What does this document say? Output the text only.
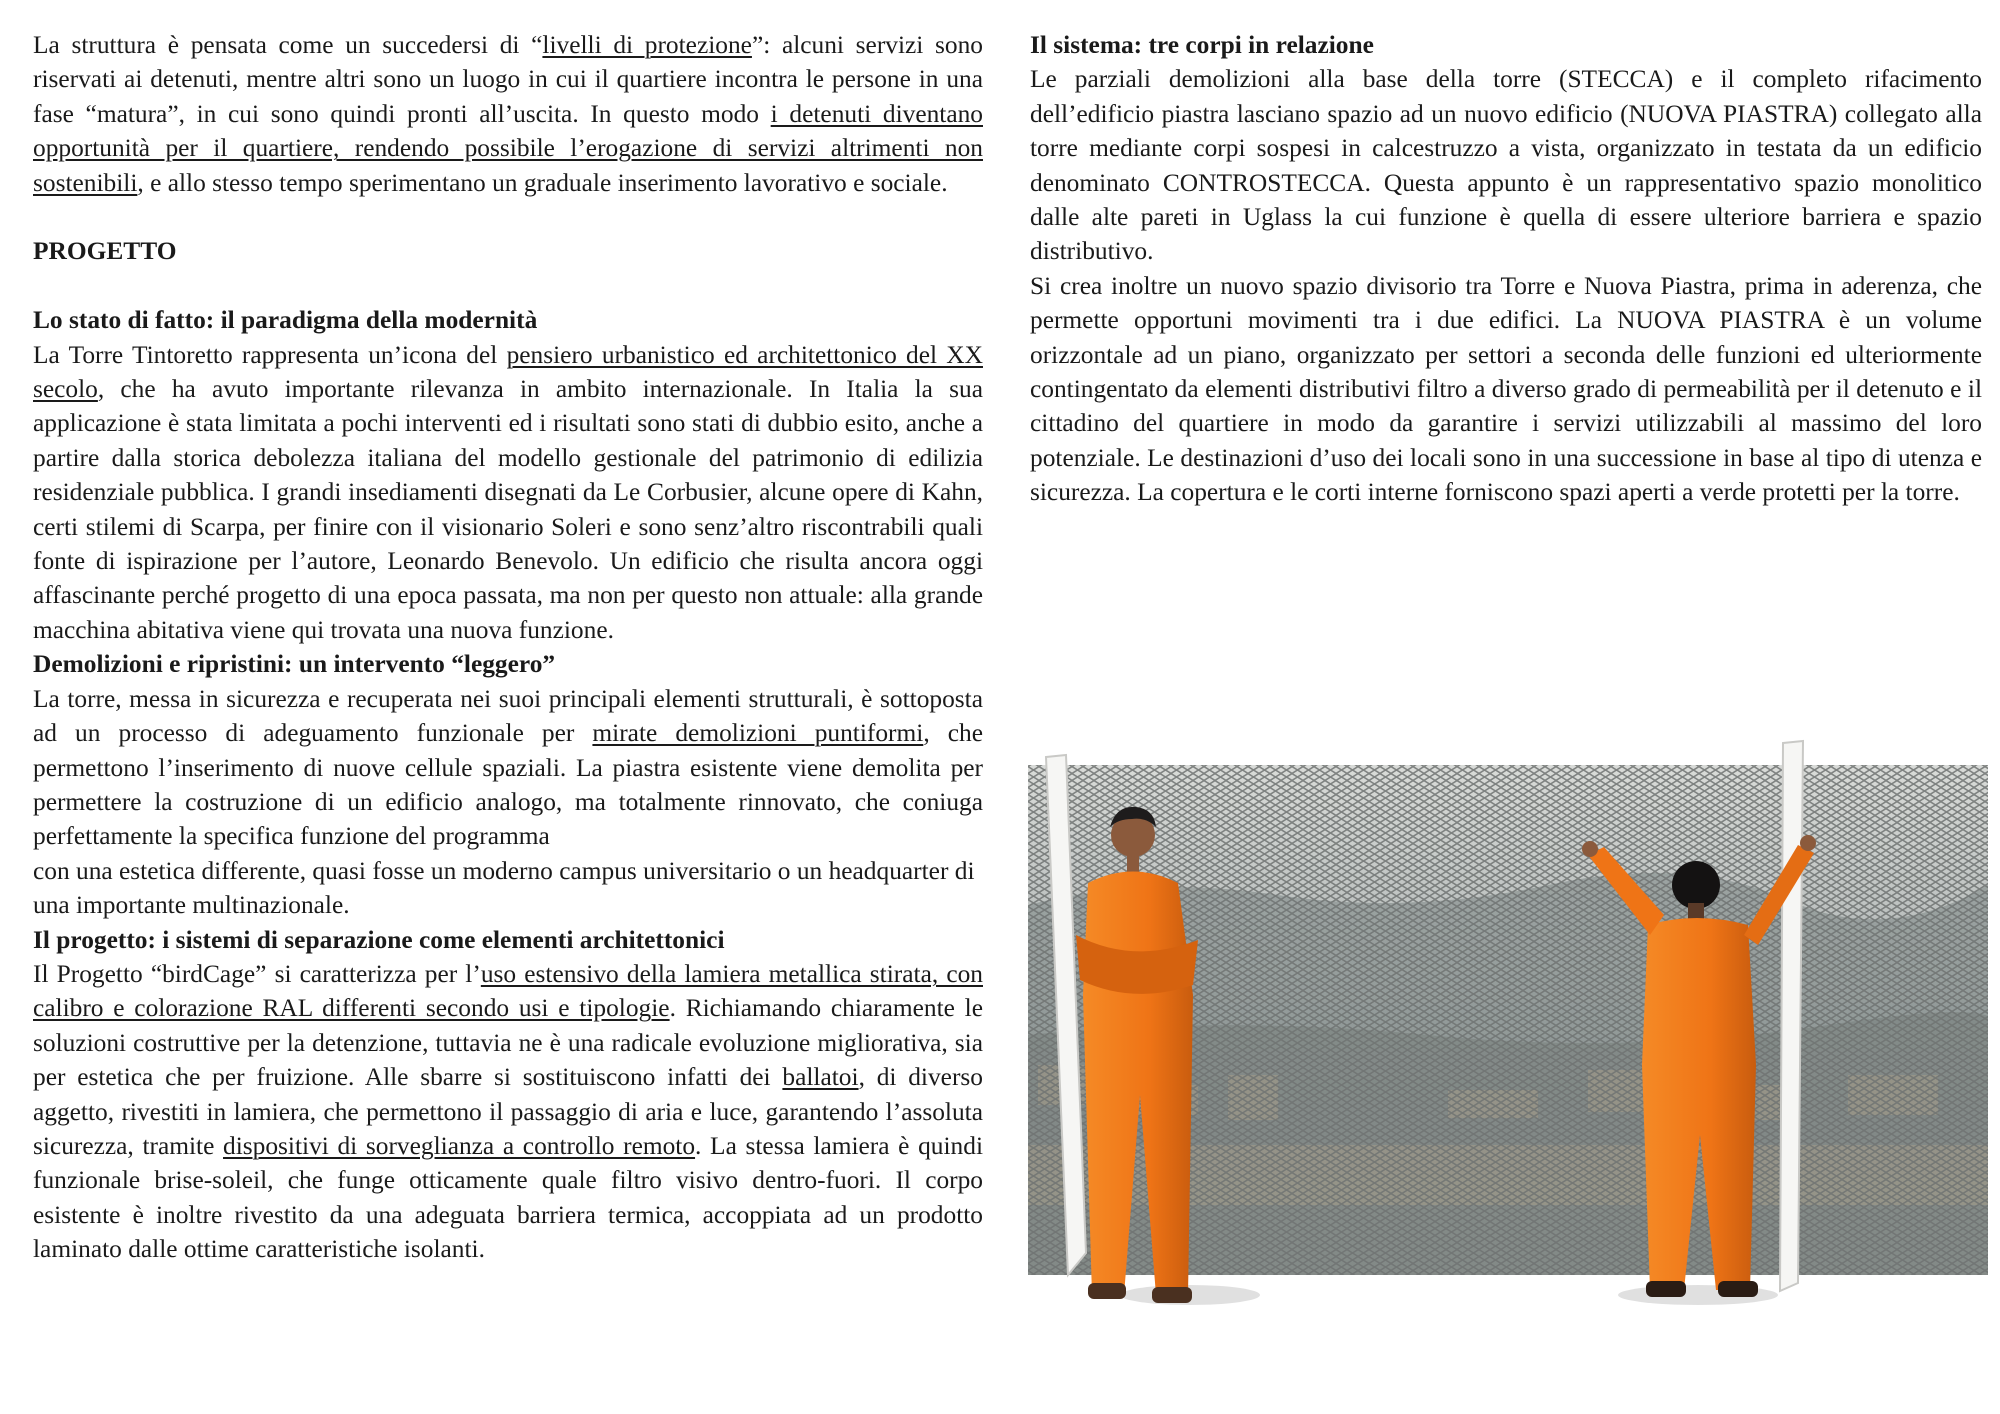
La struttura è pensata come un succedersi di “livelli di protezione”: alcuni servizi sono riservati ai detenuti, mentre altri sono un luogo in cui il quartiere incontra le persone in una fase “matura”, in cui sono quindi pronti all’uscita. In questo modo i detenuti diventano opportunità per il quartiere, rendendo possibile l’erogazione di servizi altrimenti non sostenibili, e allo stesso tempo sperimentano un graduale inserimento lavorativo e sociale.

PROGETTO

Lo stato di fatto: il paradigma della modernità

La Torre Tintoretto rappresenta un’icona del pensiero urbanistico ed architettonico del XX secolo, che ha avuto importante rilevanza in ambito internazionale. In Italia la sua applicazione è stata limitata a pochi interventi ed i risultati sono stati di dubbio esito, anche a partire dalla storica debolezza italiana del modello gestionale del patrimonio di edilizia residenziale pubblica. I grandi insediamenti disegnati da Le Corbusier, alcune opere di Kahn, certi stilemi di Scarpa, per finire con il visionario Soleri e sono senz’altro riscontrabili quali fonte di ispirazione per l’autore, Leonardo Benevolo. Un edificio che risulta ancora oggi affascinante perché progetto di una epoca passata, ma non per questo non attuale: alla grande macchina abitativa viene qui trovata una nuova funzione.

Demolizioni e ripristini: un intervento “leggero”

La torre, messa in sicurezza e recuperata nei suoi principali elementi strutturali, è sottoposta ad un processo di adeguamento funzionale per mirate demolizioni puntiformi, che permettono l’inserimento di nuove cellule spaziali. La piastra esistente viene demolita per permettere la costruzione di un edificio analogo, ma totalmente rinnovato, che coniuga perfettamente la specifica funzione del programma

con una estetica differente, quasi fosse un moderno campus universitario o un headquarter di una importante multinazionale.

Il progetto: i sistemi di separazione come elementi architettonici

Il Progetto “birdCage” si caratterizza per l’uso estensivo della lamiera metallica stirata, con calibro e colorazione RAL differenti secondo usi e tipologie. Richiamando chiaramente le soluzioni costruttive per la detenzione, tuttavia ne è una radicale evoluzione migliorativa, sia per estetica che per fruizione. Alle sbarre si sostituiscono infatti dei ballatoi, di diverso aggetto, rivestiti in lamiera, che permettono il passaggio di aria e luce, garantendo l’assoluta sicurezza, tramite dispositivi di sorveglianza a controllo remoto. La stessa lamiera è quindi funzionale brise-soleil, che funge otticamente quale filtro visivo dentro-fuori. Il corpo esistente è inoltre rivestito da una adeguata barriera termica, accoppiata ad un prodotto laminato dalle ottime caratteristiche isolanti.

Il sistema: tre corpi in relazione

Le parziali demolizioni alla base della torre (STECCA) e il completo rifacimento dell’edificio piastra lasciano spazio ad un nuovo edificio (NUOVA PIASTRA) collegato alla torre mediante corpi sospesi in calcestruzzo a vista, organizzato in testata da un edificio denominato CONTROSTECCA. Questa appunto è un rappresentativo spazio monolitico dalle alte pareti in Uglass la cui funzione è quella di essere ulteriore barriera e spazio distributivo.

Si crea inoltre un nuovo spazio divisorio tra Torre e Nuova Piastra, prima in aderenza, che permette opportuni movimenti tra i due edifici. La NUOVA PIASTRA è un volume orizzontale ad un piano, organizzato per settori a seconda delle funzioni ed ulteriormente contingentato da elementi distributivi filtro a diverso grado di permeabilità per il detenuto e il cittadino del quartiere in modo da garantire i servizi utilizzabili al massimo del loro potenziale. Le destinazioni d’uso dei locali sono in una successione in base al tipo di utenza e sicurezza. La copertura e le corti interne forniscono spazi aperti a verde protetti per la torre.
